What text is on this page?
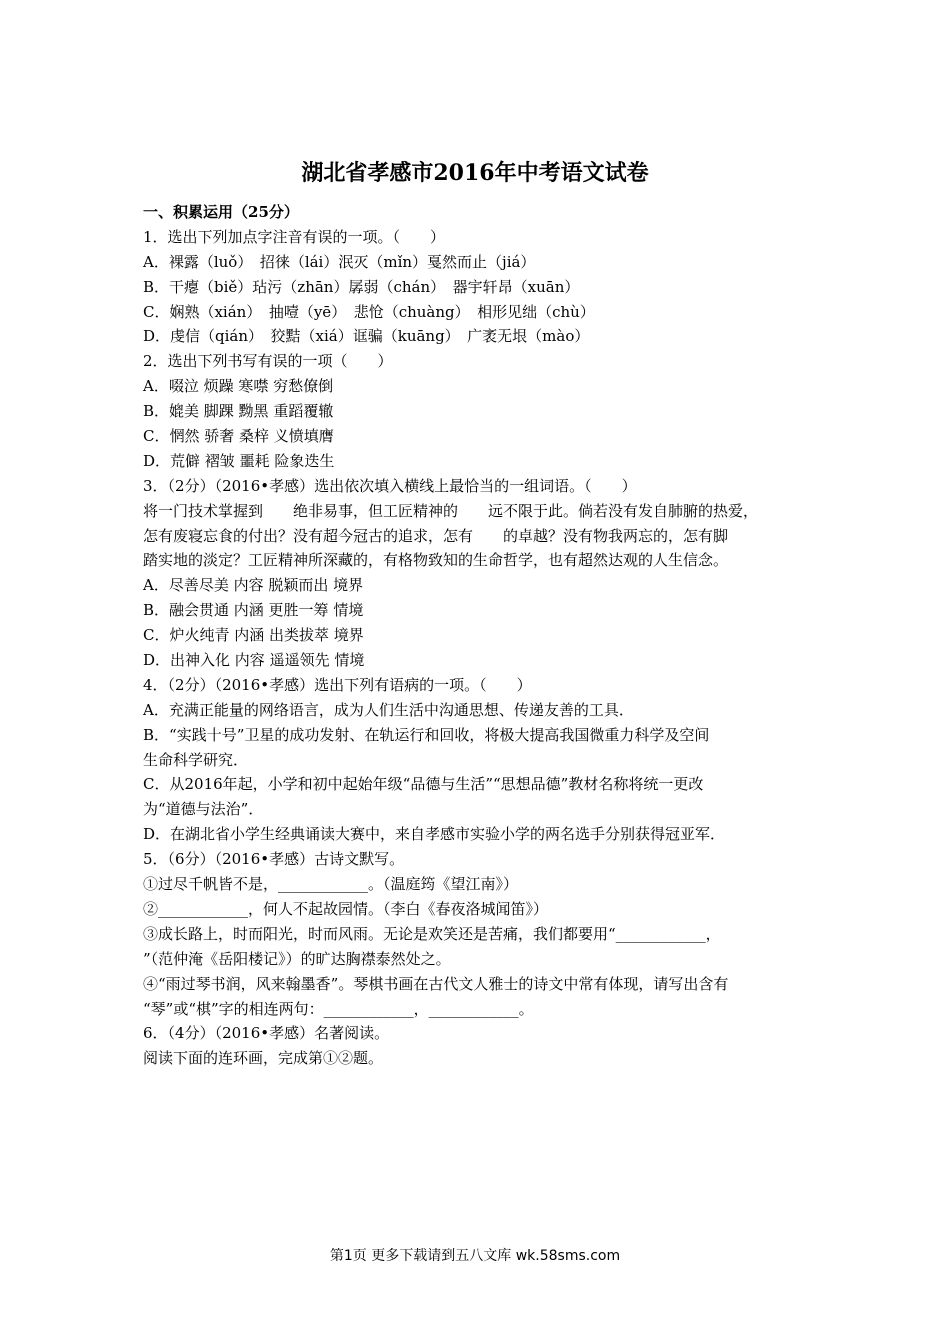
湖北省孝感市2016年中考语文试卷
一、积累运用（25分）
1．选出下列加点字注音有误的一项。（　　）
A．裸露（luǒ）　招徕（lái）泯灭（mǐn）戛然而止（jiá）
B．干瘪（biě）玷污（zhān）孱弱（chán）　器宇轩昂（xuān）
C．娴熟（xián）　抽噎（yē）　悲怆（chuàng）　相形见绌（chù）
D．虔信（qián）　狡黠（xiá）诓骗（kuāng）　广袤无垠（mào）
2．选出下列书写有误的一项（　　）
A．啜泣 烦躁 寒噤 穷愁僚倒
B．媲美 脚踝 黝黑 重蹈覆辙
C．惘然 骄奢 桑梓 义愤填膺
D．荒僻 褶皱 噩耗 险象迭生
3．（2分）（2016•孝感）选出依次填入横线上最恰当的一组词语。（　　）
将一门技术掌握到　　绝非易事，但工匠精神的　　远不限于此。倘若没有发自肺腑的热爱，
怎有废寝忘食的付出？没有超今冠古的追求，怎有　　的卓越？没有物我两忘的，怎有脚
踏实地的淡定？工匠精神所深藏的，有格物致知的生命哲学，也有超然达观的人生信念。
A．尽善尽美 内容 脱颖而出 境界
B．融会贯通 内涵 更胜一筹 情境
C．炉火纯青 内涵 出类拔萃 境界
D．出神入化 内容 遥遥领先 情境
4．（2分）（2016•孝感）选出下列有语病的一项。（　　）
A．充满正能量的网络语言，成为人们生活中沟通思想、传递友善的工具．
B．“实践十号”卫星的成功发射、在轨运行和回收，将极大提高我国微重力科学及空间
生命科学研究．
C．从2016年起，小学和初中起始年级“品德与生活”“思想品德”教材名称将统一更改
为“道德与法治”．
D．在湖北省小学生经典诵读大赛中，来自孝感市实验小学的两名选手分别获得冠亚军．
5．（6分）（2016•孝感）古诗文默写。
①过尽千帆皆不是，____________。（温庭筠《望江南》）
②____________，何人不起故园情。（李白《春夜洛城闻笛》）
③成长路上，时而阳光，时而风雨。无论是欢笑还是苦痛，我们都要用“____________，
”（范仲淹《岳阳楼记》）的旷达胸襟泰然处之。
④“雨过琴书润，风来翰墨香”。琴棋书画在古代文人雅士的诗文中常有体现，请写出含有
“琴”或“棋”字的相连两句：____________，____________。
6．（4分）（2016•孝感）名著阅读。
阅读下面的连环画，完成第①②题。
第1页 更多下载请到五八文库 wk.58sms.com
